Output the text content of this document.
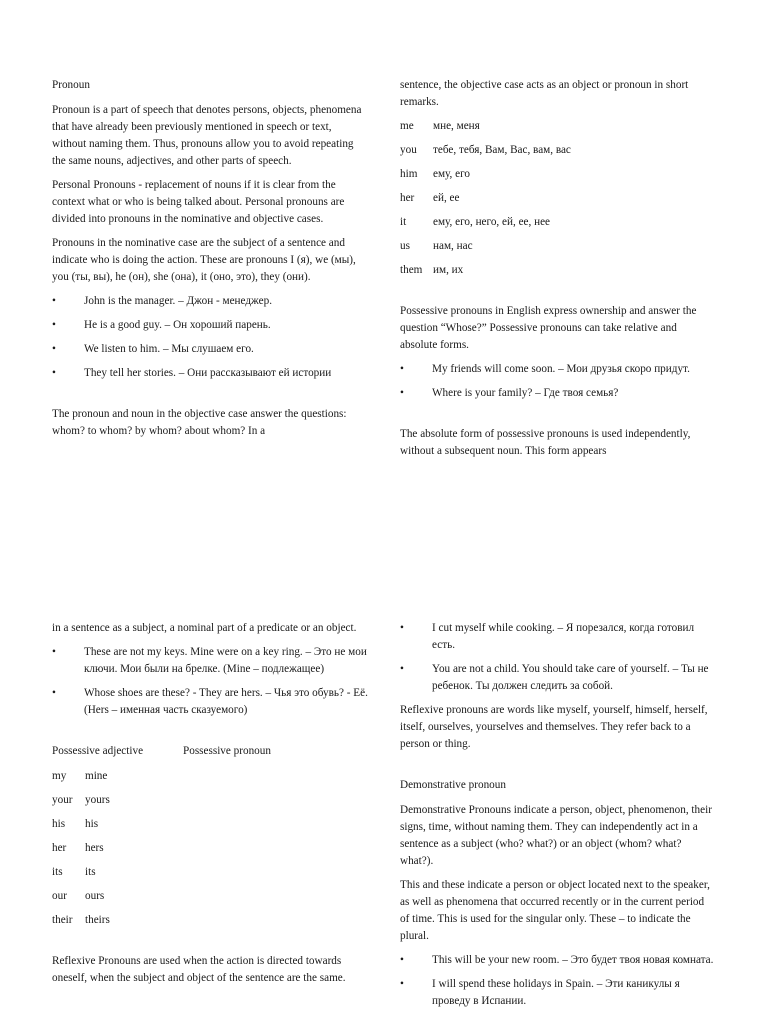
Pronoun

Pronoun is a part of speech that denotes persons, objects, phenomena that have already been previously mentioned in speech or text, without naming them. Thus, pronouns allow you to avoid repeating the same nouns, adjectives, and other parts of speech.

Personal Pronouns - replacement of nouns if it is clear from the context what or who is being talked about. Personal pronouns are divided into pronouns in the nominative and objective cases.

Pronouns in the nominative case are the subject of a sentence and indicate who is doing the action. These are pronouns I (я), we (мы), you (ты, вы), he (он), she (она), it (оно, это), they (они).

•	John is the manager. – Джон - менеджер.
•	He is a good guy. – Он хороший парень.
•	We listen to him. – Мы слушаем его.
•	They tell her stories. – Они рассказывают ей истории

The pronoun and noun in the objective case answer the questions: whom? to whom? by whom? about whom? In a

sentence, the objective case acts as an object or pronoun in short remarks.

me	мне, меня
you	тебе, тебя, Вам, Вас, вам, вас
him	ему, его
her	ей, ее
it	ему, его, него, ей, ее, нее
us	нам, нас
them им, их

Possessive pronouns in English express ownership and answer the question “Whose?” Possessive pronouns can take relative and absolute forms.

•	My friends will come soon. – Мои друзья скоро придут.
•	Where is your family? – Где твоя семья?

The absolute form of possessive pronouns is used independently, without a subsequent noun. This form appears

in a sentence as a subject, a nominal part of a predicate or an object.

•	These are not my keys. Mine were on a key ring. – Это не мои ключи. Мои были на брелке. (Mine – подлежащее)
•	Whose shoes are these? - They are hers. – Чья это обувь? - Её. (Hers – именная часть сказуемого)
Possessive adjective	Possessive pronoun
my	mine
your	yours
his	his
her	hers
its	its
our	ours
their	theirs

Reflexive Pronouns are used when the action is directed towards oneself, when the subject and object of the sentence are the same.

•	I cut myself while cooking. – Я порезался, когда готовил есть.
•	You are not a child. You should take care of yourself. – Ты не ребенок. Ты должен следить за собой.

Reflexive pronouns are words like myself, yourself, himself, herself, itself, ourselves, yourselves and themselves. They refer back to a person or thing.

Demonstrative pronoun

Demonstrative Pronouns indicate a person, object, phenomenon, their signs, time, without naming them. They can independently act in a sentence as a subject (who? what?) or an object (whom? what? what?).

This and these indicate a person or object located next to the speaker, as well as phenomena that occurred recently or in the current period of time. This is used for the singular only. These – to indicate the plural.

•	This will be your new room. – Это будет твоя новая комната.
•	I will spend these holidays in Spain. – Эти каникулы я проведу в Испании.
